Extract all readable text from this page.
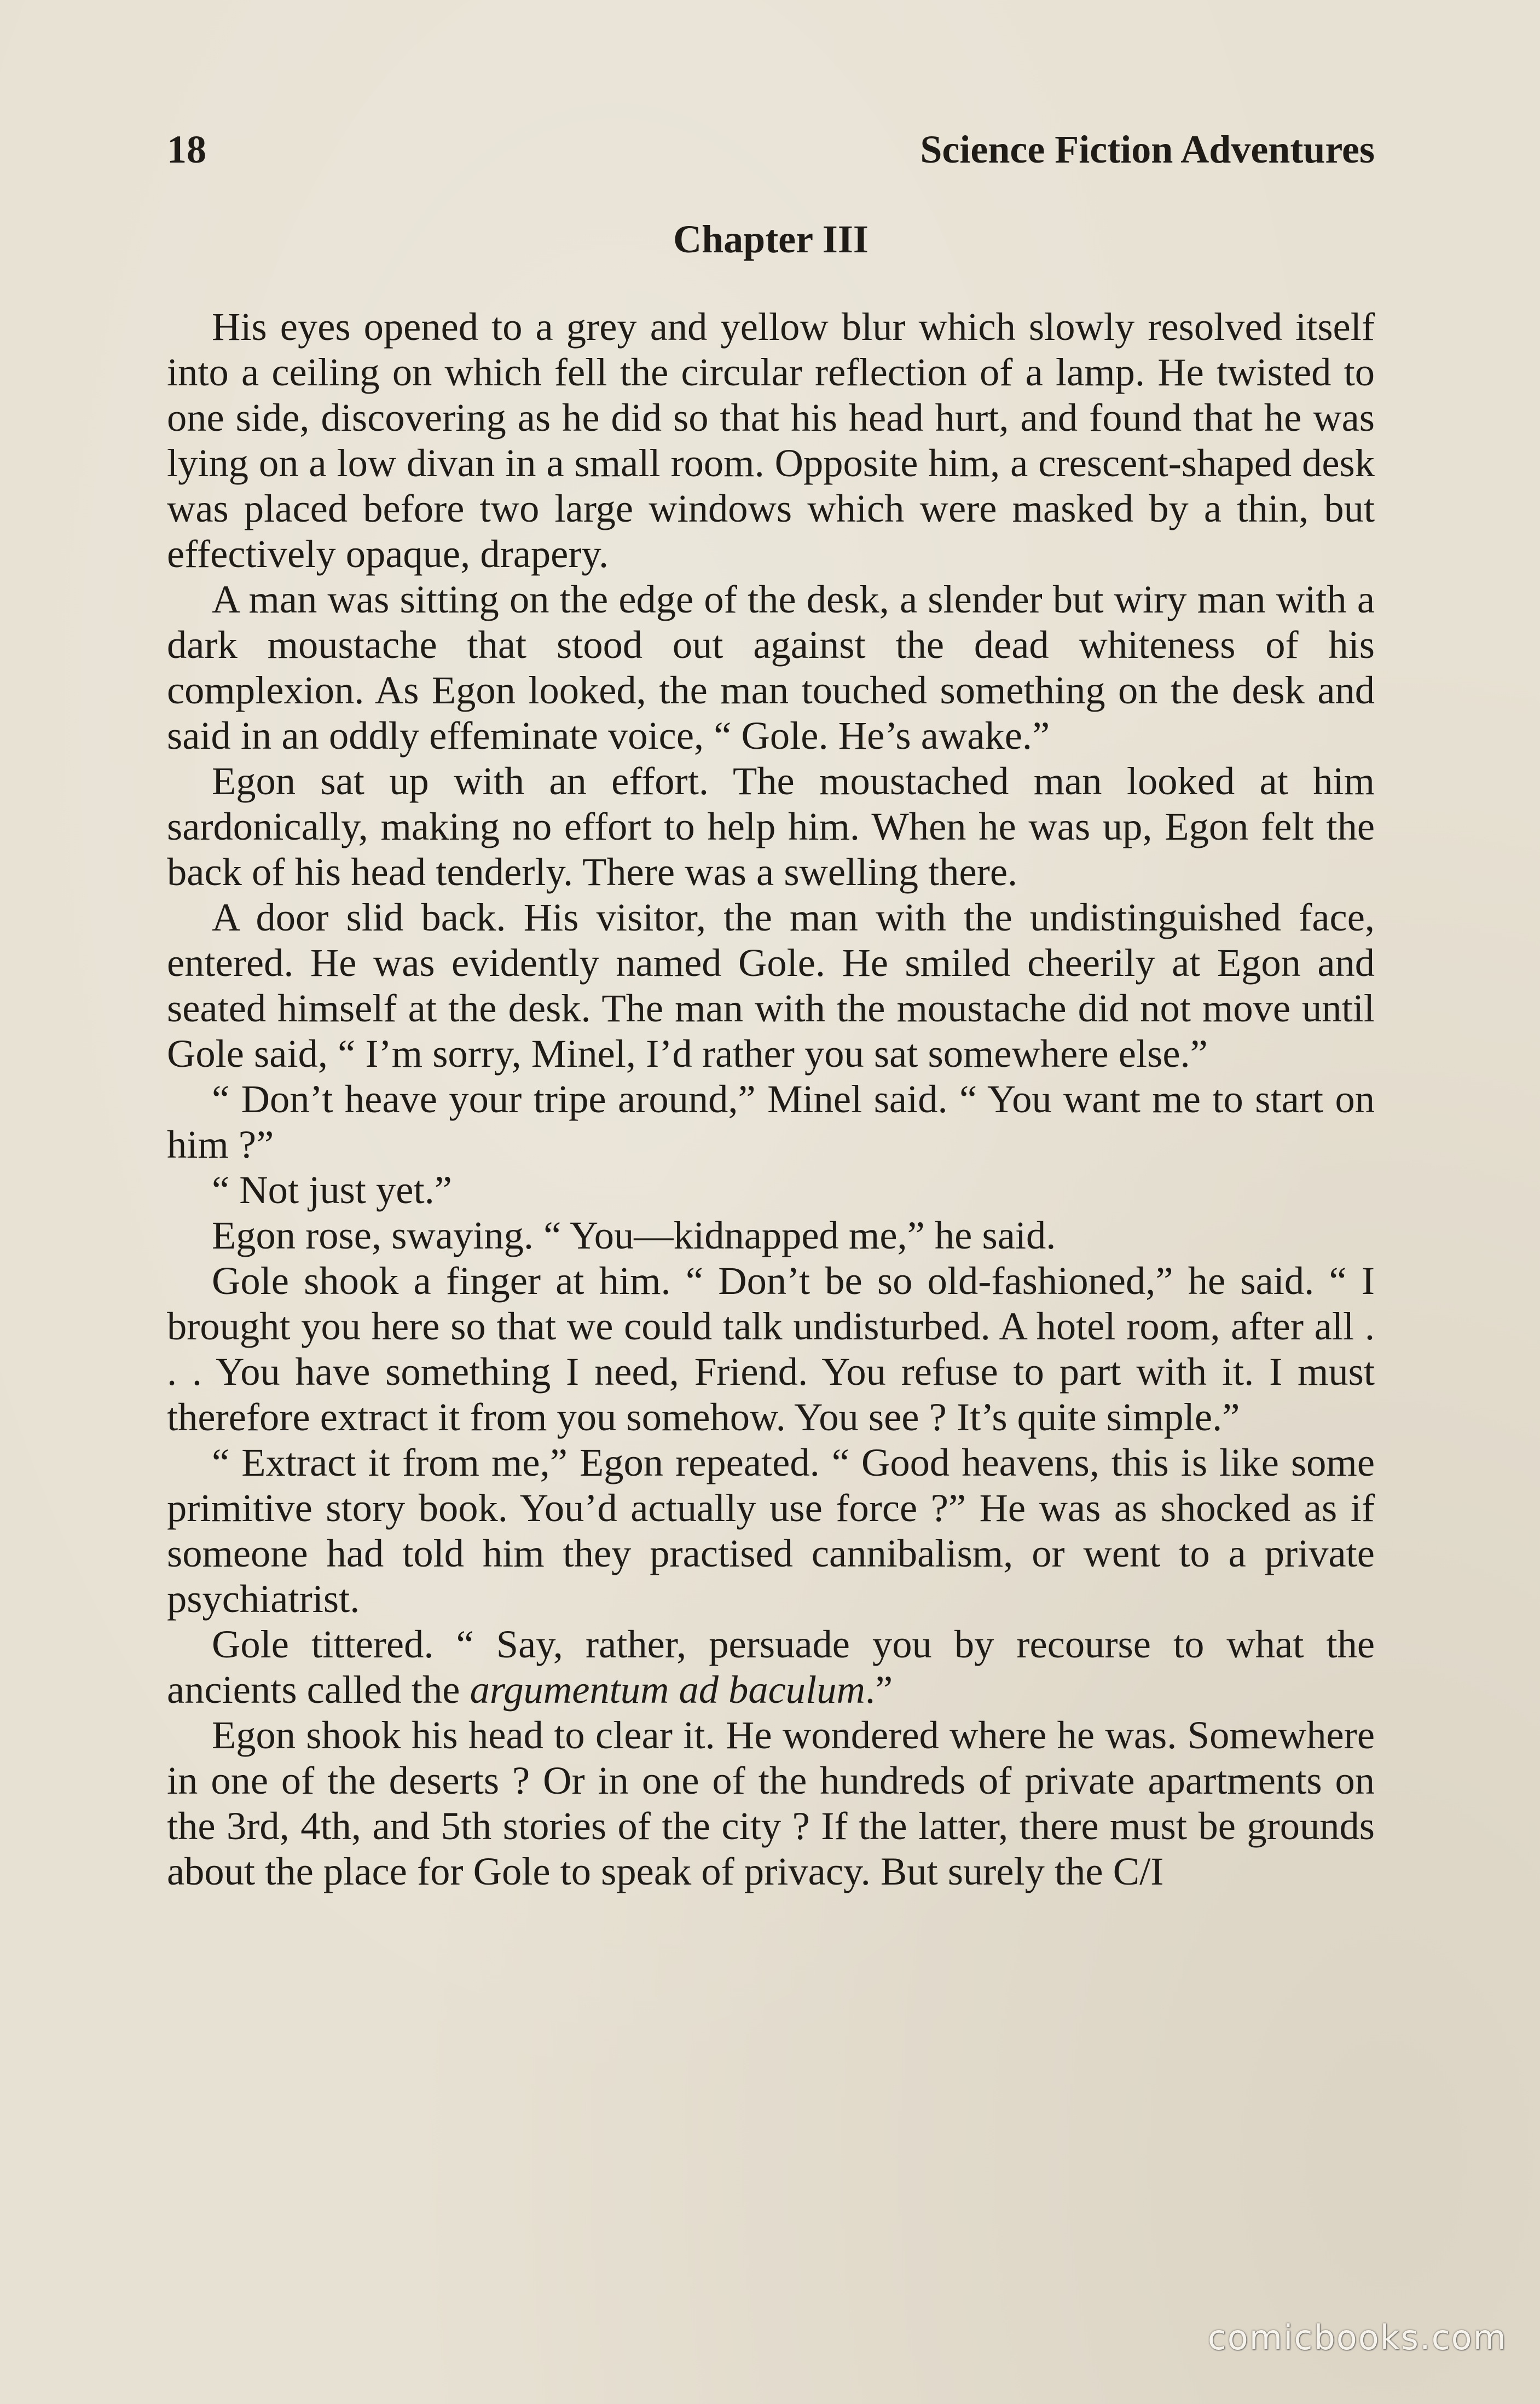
18	Science Fiction Adventures
Chapter III

His eyes opened to a grey and yellow blur which slowly resolved itself into a ceiling on which fell the circular reflection of a lamp. He twisted to one side, discovering as he did so that his head hurt, and found that he was lying on a low divan in a small room. Opposite him, a crescent-shaped desk was placed before two large windows which were masked by a thin, but effectively opaque, drapery.

A man was sitting on the edge of the desk, a slender but wiry man with a dark moustache that stood out against the dead whiteness of his complexion. As Egon looked, the man touched something on the desk and said in an oddly effeminate voice, “ Gole. He’s awake.”

Egon sat up with an effort. The moustached man looked at him sardonically, making no effort to help him. When he was up, Egon felt the back of his head tenderly. There was a swelling there.

A door slid back. His visitor, the man with the undistinguished face, entered. He was evidently named Gole. He smiled cheerily at Egon and seated himself at the desk. The man with the moustache did not move until Gole said, “ I’m sorry, Minel, I’d rather you sat somewhere else.”

“ Don’t heave your tripe around,” Minel said. “ You want me to start on him ?”

“ Not just yet.”

Egon rose, swaying. “ You—kidnapped me,” he said.

Gole shook a finger at him. “ Don’t be so old-fashioned,” he said. “ I brought you here so that we could talk undisturbed. A hotel room, after all . . . You have something I need, Friend. You refuse to part with it. I must therefore extract it from you somehow. You see ? It’s quite simple.”

“ Extract it from me,” Egon repeated. “ Good heavens, this is like some primitive story book. You’d actually use force ?” He was as shocked as if someone had told him they practised cannibalism, or went to a private psychiatrist.

Gole tittered. “ Say, rather, persuade you by recourse to what the ancients called the argumentum ad baculum.”

Egon shook his head to clear it. He wondered where he was. Somewhere in one of the deserts ? Or in one of the hundreds of private apartments on the 3rd, 4th, and 5th stories of the city ? If the latter, there must be grounds about the place for Gole to speak of privacy. But surely the C/I

comicbooks.com
